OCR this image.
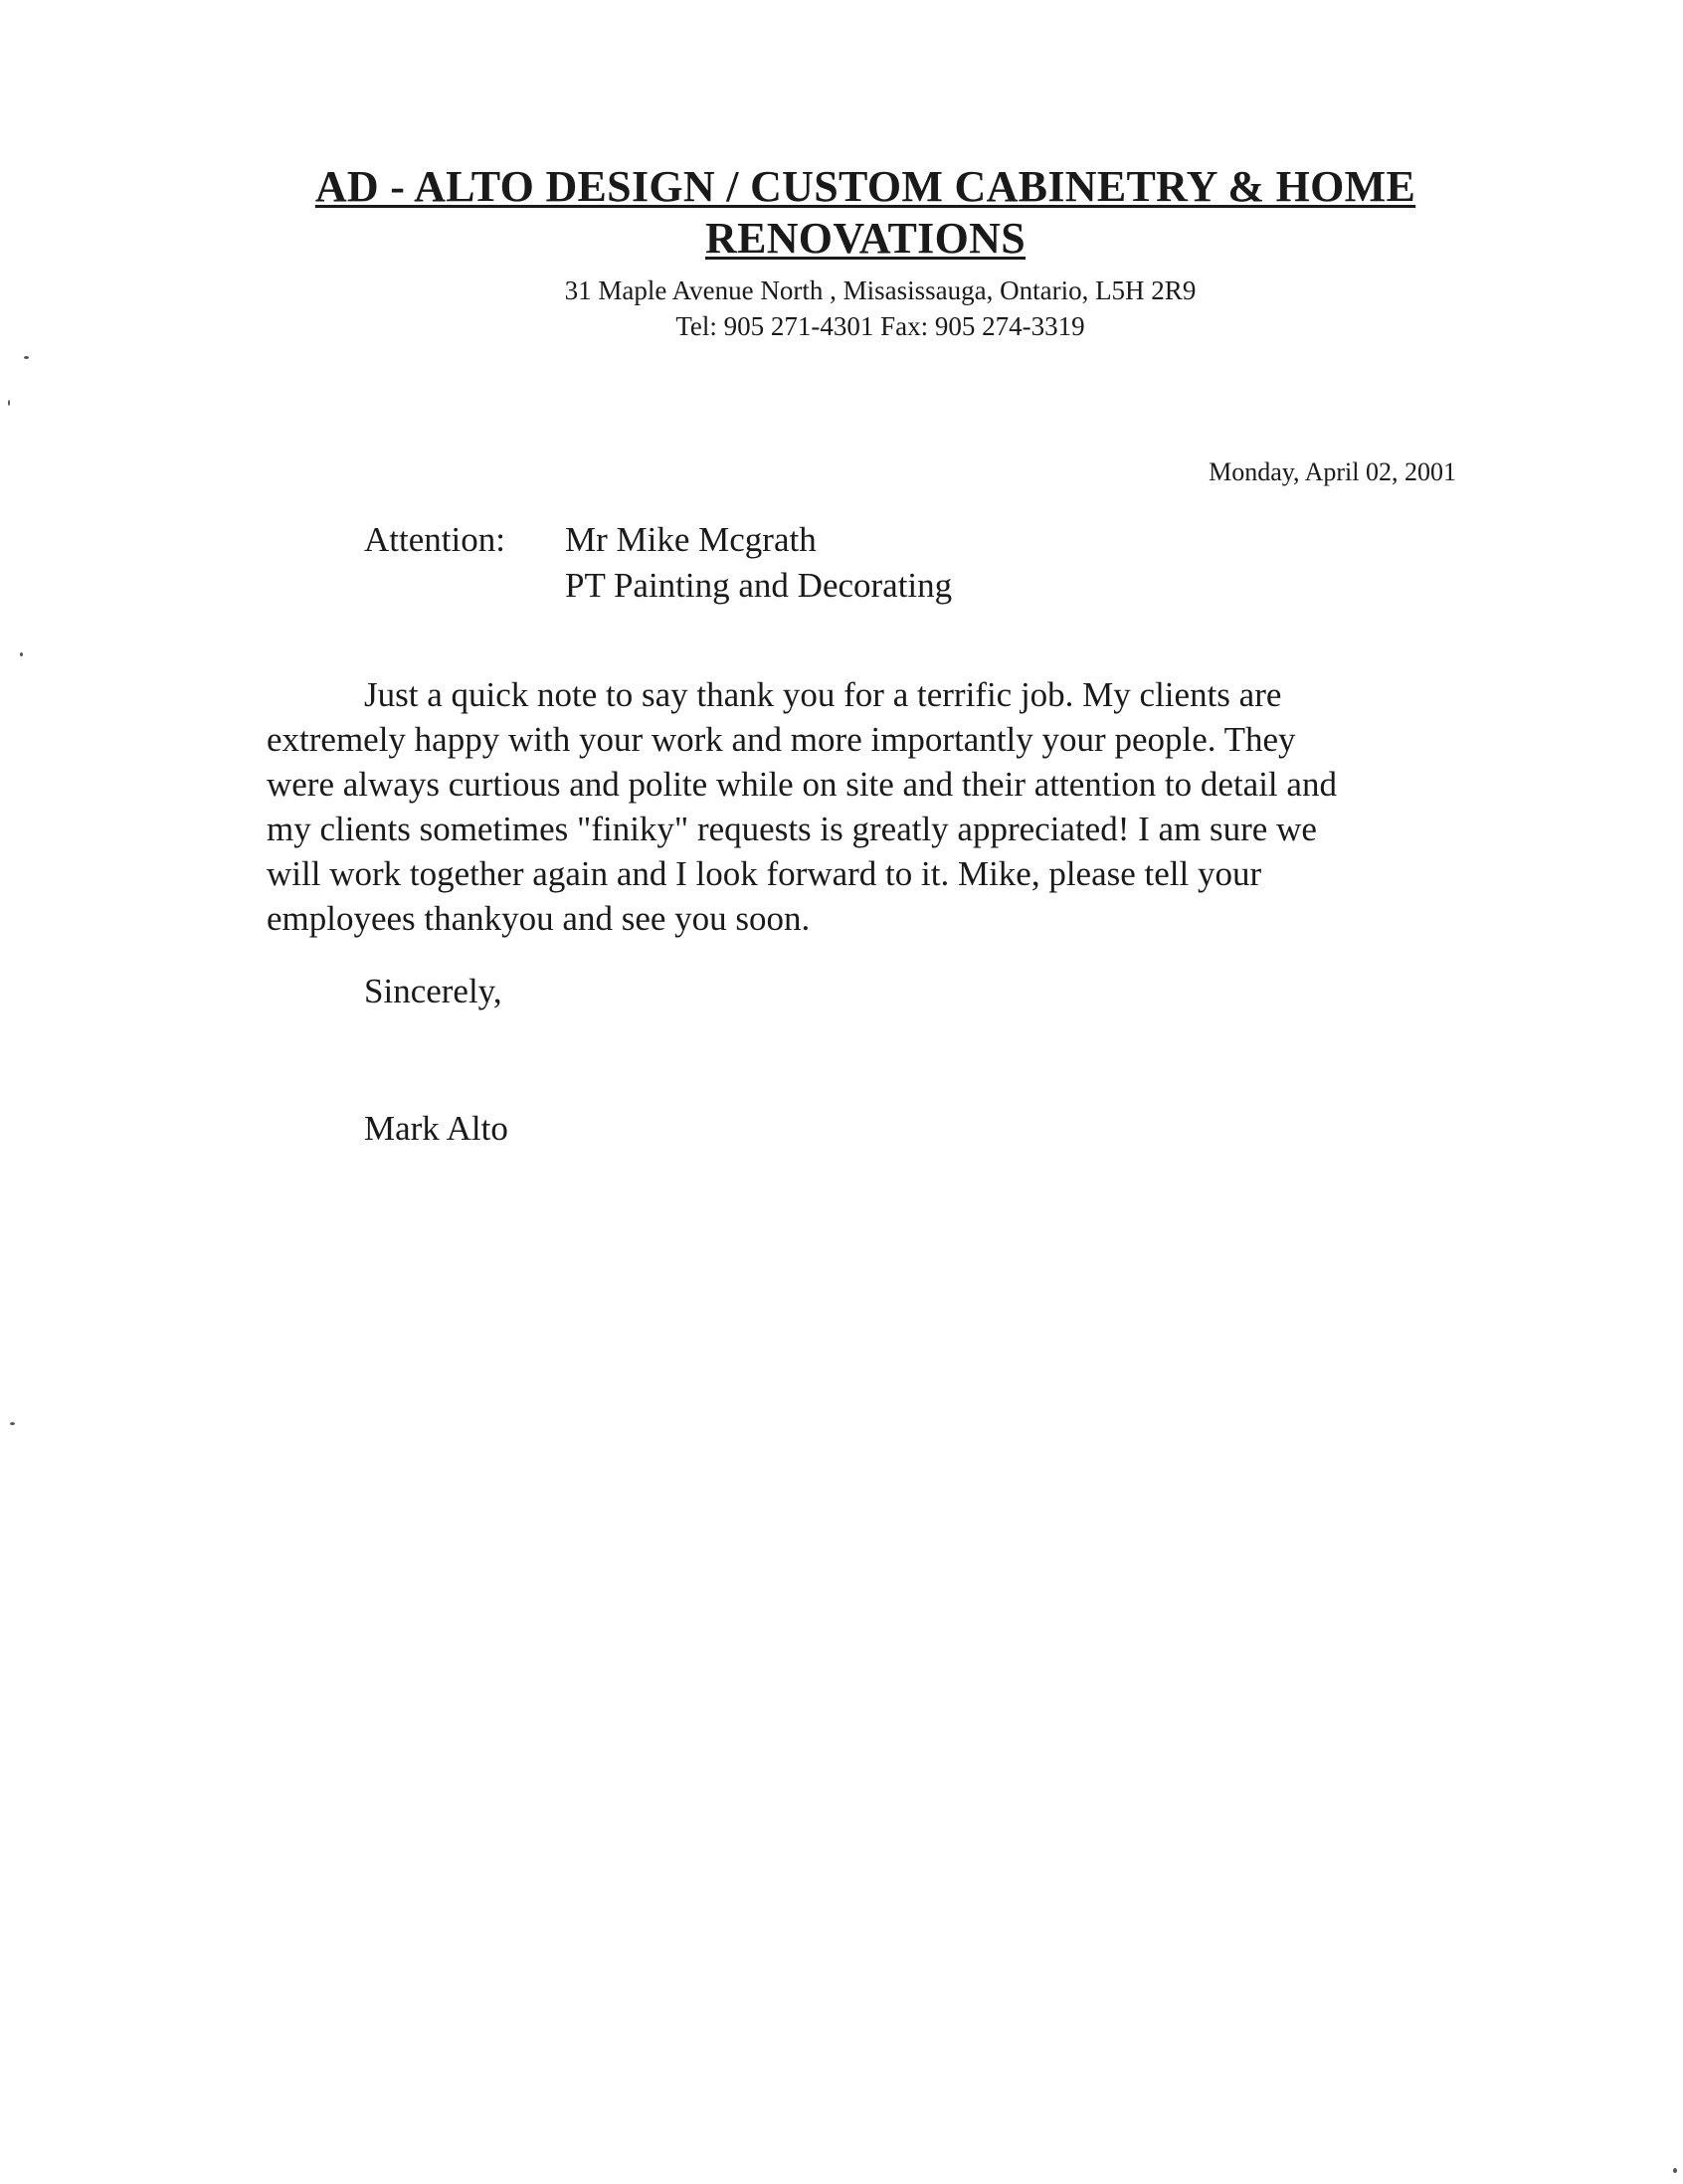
AD - ALTO DESIGN / CUSTOM CABINETRY & HOME
RENOVATIONS
31 Maple Avenue North , Misasissauga, Ontario, L5H 2R9
Tel: 905 271-4301 Fax: 905 274-3319
Monday, April 02, 2001
Attention:	Mr Mike Mcgrath
PT Painting and Decorating
Just a quick note to say thank you for a terrific job. My clients are
extremely happy with your work and more importantly your people. They
were always curtious and polite while on site and their attention to detail and
my clients sometimes "finiky" requests is greatly appreciated! I am sure we
will work together again and I look forward to it. Mike, please tell your
employees thankyou and see you soon.
Sincerely,
Mark Alto
